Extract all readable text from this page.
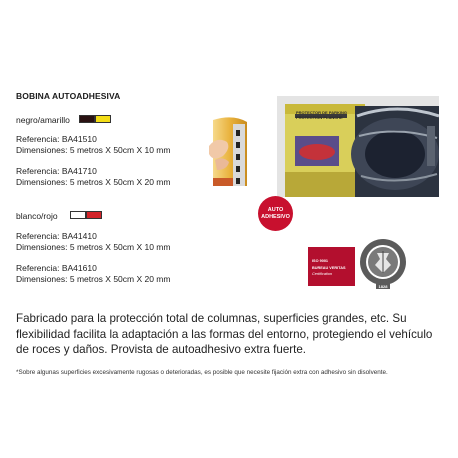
BOBINA AUTOADHESIVA
negro/amarillo
Referencia: BA41510
Dimensiones: 5 metros X 50cm X 10 mm
Referencia: BA41710
Dimensiones: 5 metros X 50cm X 20 mm
blanco/rojo
Referencia: BA41410
Dimensiones: 5 metros X 50cm X 10 mm
Referencia: BA41610
Dimensiones: 5 metros X 50cm X 20 mm
PROTECTOR DE PARKING
PROTECTION PLANCHE
AUTO
ADHESIVO
ISO 9001
BUREAU VERITAS
Certification
1828
Fabricado para la protección total de columnas, superficies grandes, etc. Su flexibilidad facilita la adaptación a las formas del entorno, protegiendo el vehículo de roces y daños. Provista de autoadhesivo extra fuerte.
*Sobre algunas superficies excesivamente rugosas o deterioradas, es posible que necesite fijación extra con adhesivo sin disolvente.
